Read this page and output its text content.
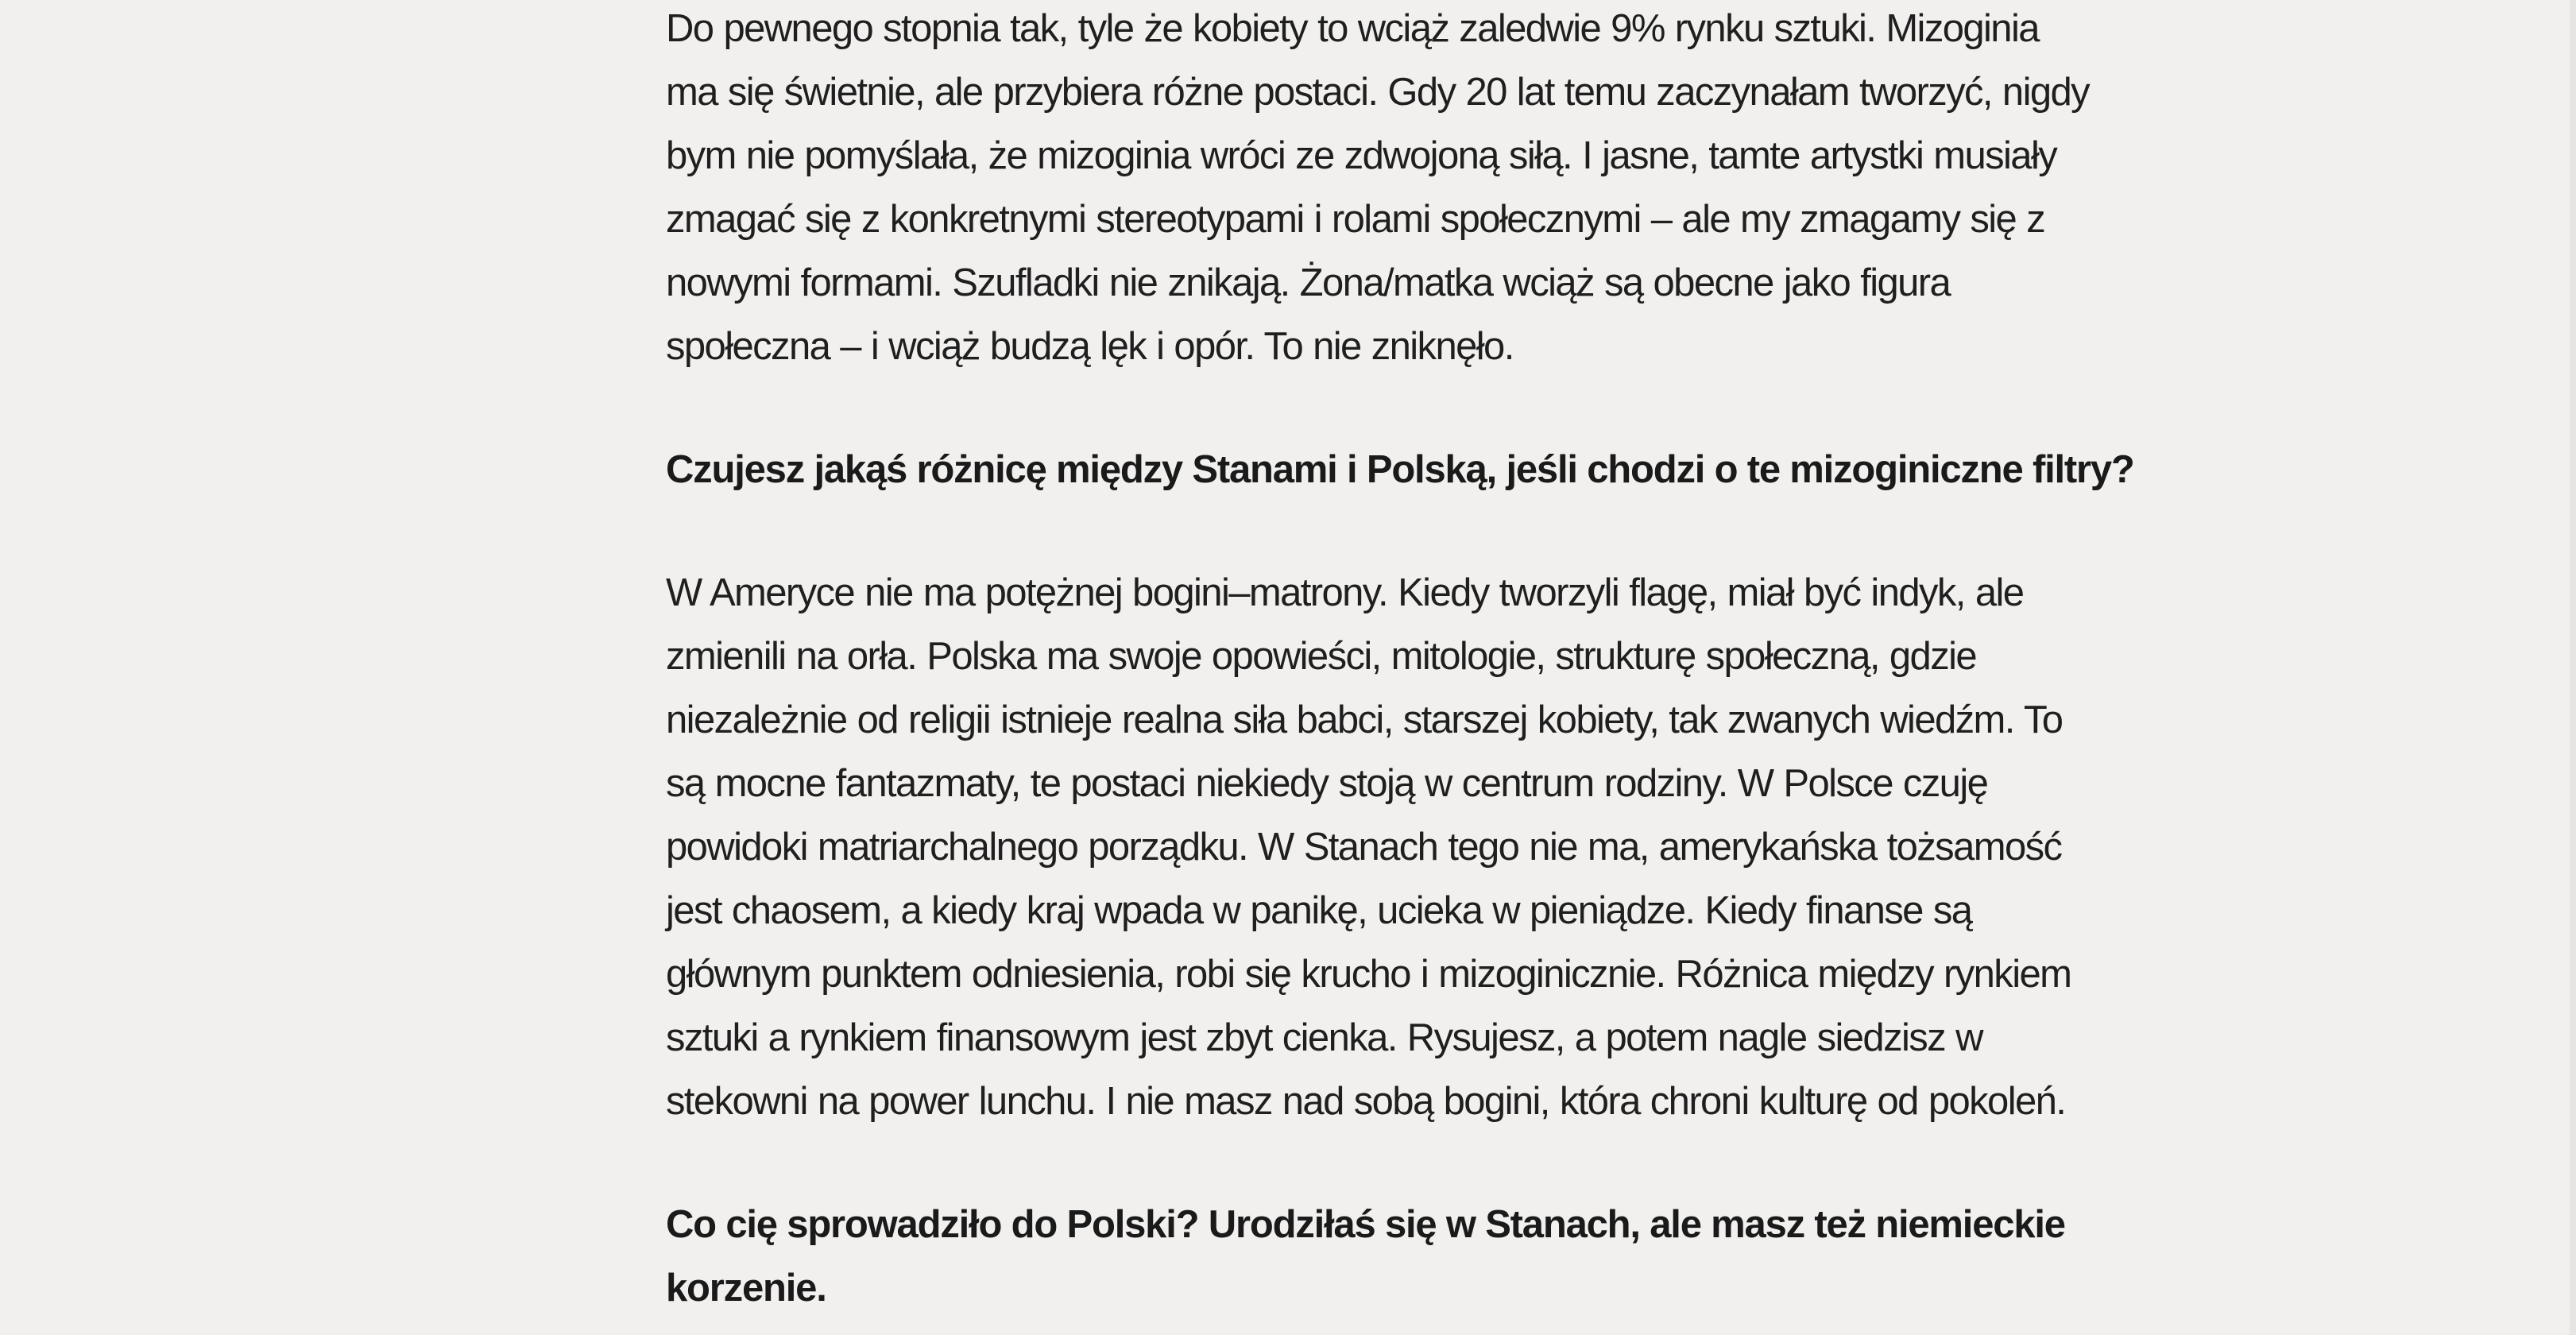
Do pewnego stopnia tak, tyle że kobiety to wciąż zaledwie 9% rynku sztuki. Mizoginia
ma się świetnie, ale przybiera różne postaci. Gdy 20 lat temu zaczynałam tworzyć, nigdy
bym nie pomyślała, że mizoginia wróci ze zdwojoną siłą. I jasne, tamte artystki musiały
zmagać się z konkretnymi stereotypami i rolami społecznymi – ale my zmagamy się z
nowymi formami. Szufladki nie znikają. Żona/matka wciąż są obecne jako figura
społeczna – i wciąż budzą lęk i opór. To nie zniknęło.

Czujesz jakąś różnicę między Stanami i Polską, jeśli chodzi o te mizoginiczne filtry?

W Ameryce nie ma potężnej bogini–matrony. Kiedy tworzyli flagę, miał być indyk, ale
zmienili na orła. Polska ma swoje opowieści, mitologie, strukturę społeczną, gdzie
niezależnie od religii istnieje realna siła babci, starszej kobiety, tak zwanych wiedźm. To
są mocne fantazmaty, te postaci niekiedy stoją w centrum rodziny. W Polsce czuję
powidoki matriarchalnego porządku. W Stanach tego nie ma, amerykańska tożsamość
jest chaosem, a kiedy kraj wpada w panikę, ucieka w pieniądze. Kiedy finanse są
głównym punktem odniesienia, robi się krucho i mizoginicznie. Różnica między rynkiem
sztuki a rynkiem finansowym jest zbyt cienka. Rysujesz, a potem nagle siedzisz w
stekowni na power lunchu. I nie masz nad sobą bogini, która chroni kulturę od pokoleń.

Co cię sprowadziło do Polski? Urodziłaś się w Stanach, ale masz też niemieckie
korzenie.
